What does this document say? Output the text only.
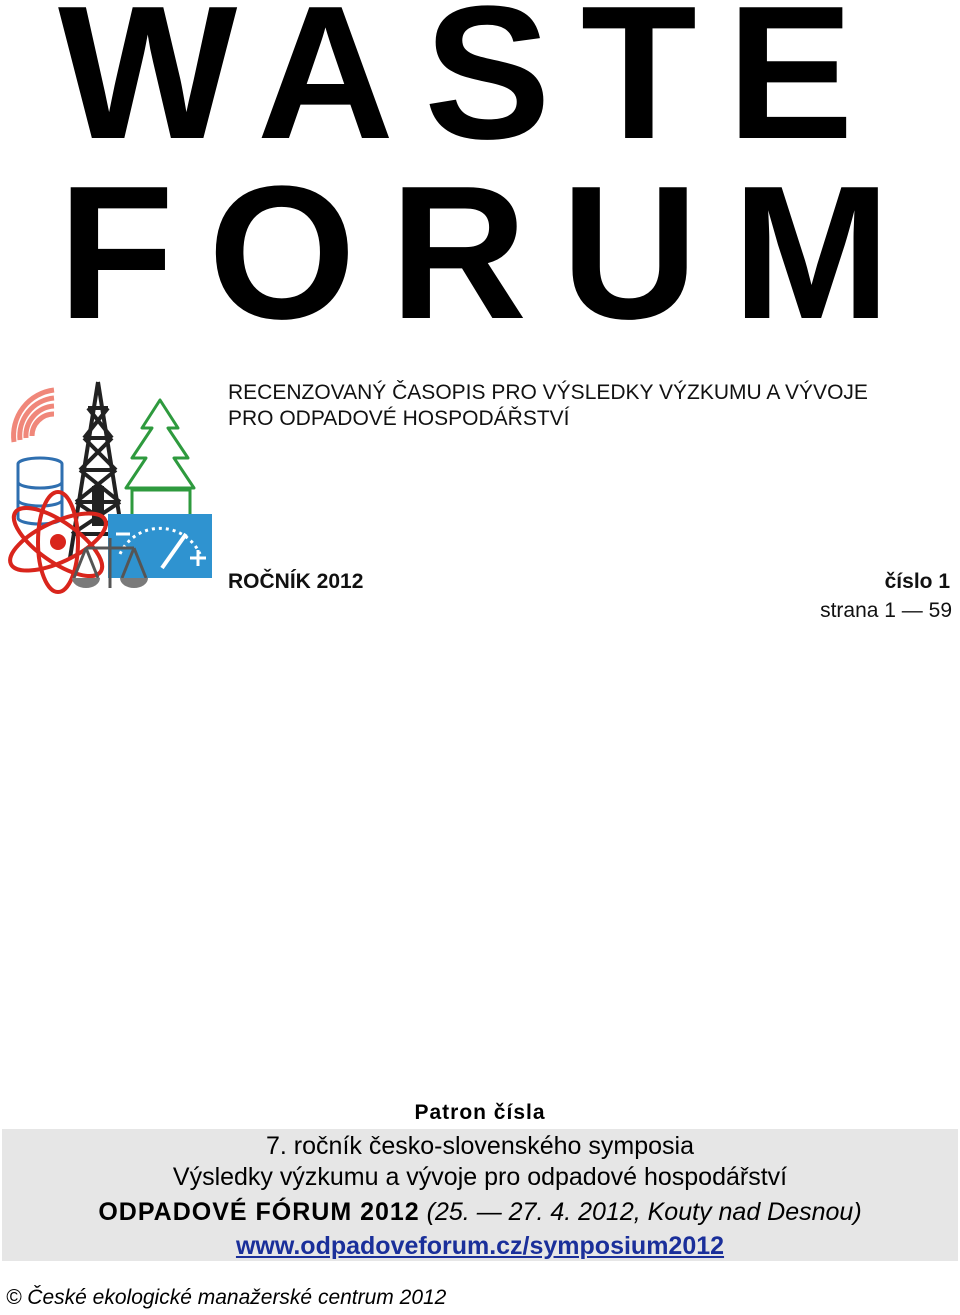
WASTE
FORUM
RECENZOVANÝ ČASOPIS PRO VÝSLEDKY VÝZKUMU A VÝVOJE
PRO ODPADOVÉ HOSPODÁŘSTVÍ
ROČNÍK 2012	číslo 1
strana 1 — 59
Patron čísla
7. ročník česko-slovenského symposia
Výsledky výzkumu a vývoje pro odpadové hospodářství
ODPADOVÉ FÓRUM 2012 (25. — 27. 4. 2012, Kouty nad Desnou)
www.odpadoveforum.cz/symposium2012
© České ekologické manažerské centrum 2012
